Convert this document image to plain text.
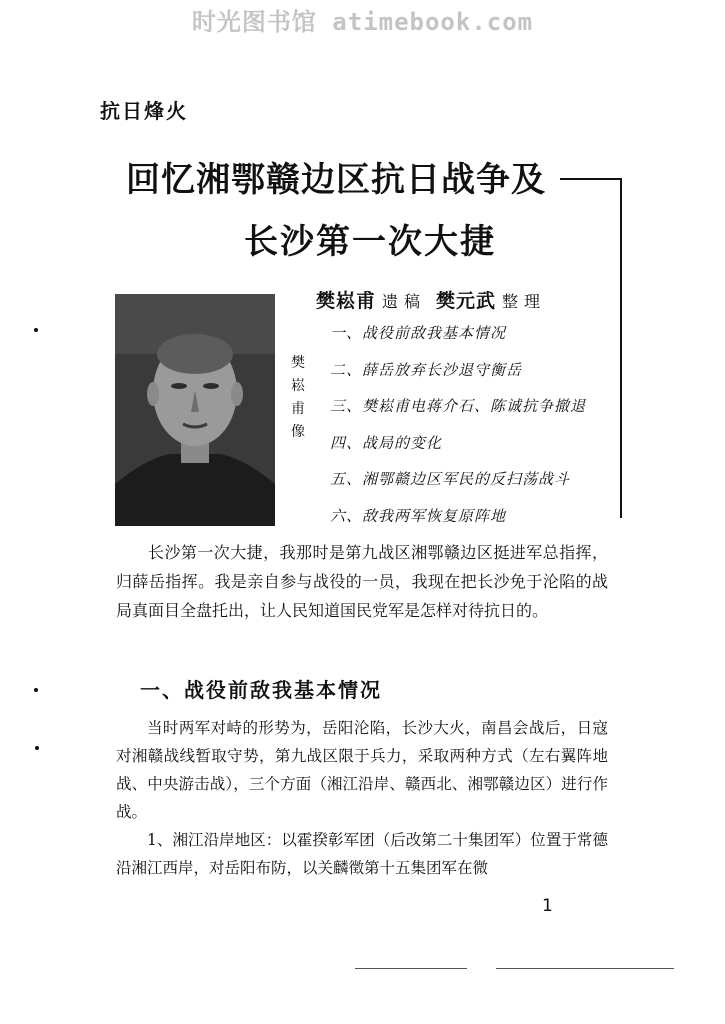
时光图书馆 atimebook.com
抗日烽火
回忆湘鄂赣边区抗日战争及
长沙第一次大捷
樊崧甫 遗稿 樊元武 整理
樊崧甫像
一、战役前敌我基本情况
二、薛岳放弃长沙退守衡岳
三、樊崧甫电蒋介石、陈诚抗争撤退
四、战局的变化
五、湘鄂赣边区军民的反扫荡战斗
六、敌我两军恢复原阵地

长沙第一次大捷，我那时是第九战区湘鄂赣边区挺进军总指挥，归薛岳指挥。我是亲自参与战役的一员，我现在把长沙免于沦陷的战局真面目全盘托出，让人民知道国民党军是怎样对待抗日的。

一、战役前敌我基本情况

当时两军对峙的形势为，岳阳沦陷，长沙大火，南昌会战后，日寇对湘赣战线暂取守势，第九战区限于兵力，采取两种方式（左右翼阵地战、中央游击战），三个方面（湘江沿岸、赣西北、湘鄂赣边区）进行作战。

1、湘江沿岸地区：以霍揆彰军团（后改第二十集团军）位置于常德沿湘江西岸，对岳阳布防，以关麟徵第十五集团军在微

1
